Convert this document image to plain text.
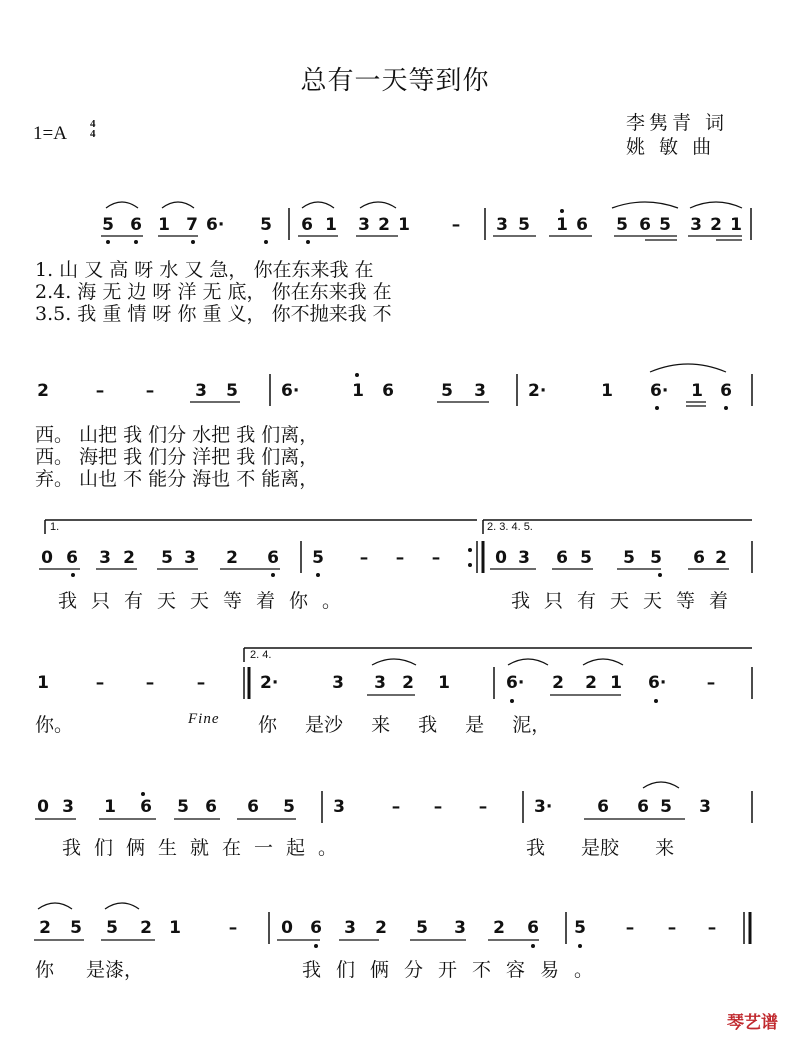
总有一天等到你
李隽青 词
姚 敏 曲
1=A 4
4
5 6 1 7 6· 5 6 1 3 2 1 – 3 5 1 6 5 6 5 3 2 1
1. 山 又 高 呀 水 又 急， 你在东来我 在
2.4. 海 无 边 呀 洋 无 底， 你在东来我 在
3.5. 我 重 情 呀 你 重 义， 你不抛来我 不
2	– – 3 5	6·	1 6	5 3 2·	1 6· 1 6
西。 山把 我 们分 水把 我 们离，
西。 海把 我 们分 洋把 我 们离，
弃。 山也 不 能分 海也 不 能离，
1.	2. 3. 4. 5.
0 6 3 2 5 3 2 6 5 – – –	0 3 6 5 5 5 6 2
我只有天天等着你。	我只有天天等着
2. 4.
1	– –	–	2·	3 3 2 1	6· 2 2 1 6· –
你。	Fine 你 是沙 来 我 是 泥，
0 3 1 6 5 6 6 5 3	– – –	3·	6 6 5 3
我们俩生就在一起。	我 是胶 来
2 5 5 2 1	–	0 6 3 2 5 3 2 6 5 – – –
你 是漆，	我们俩分开不容易。
琴艺谱
